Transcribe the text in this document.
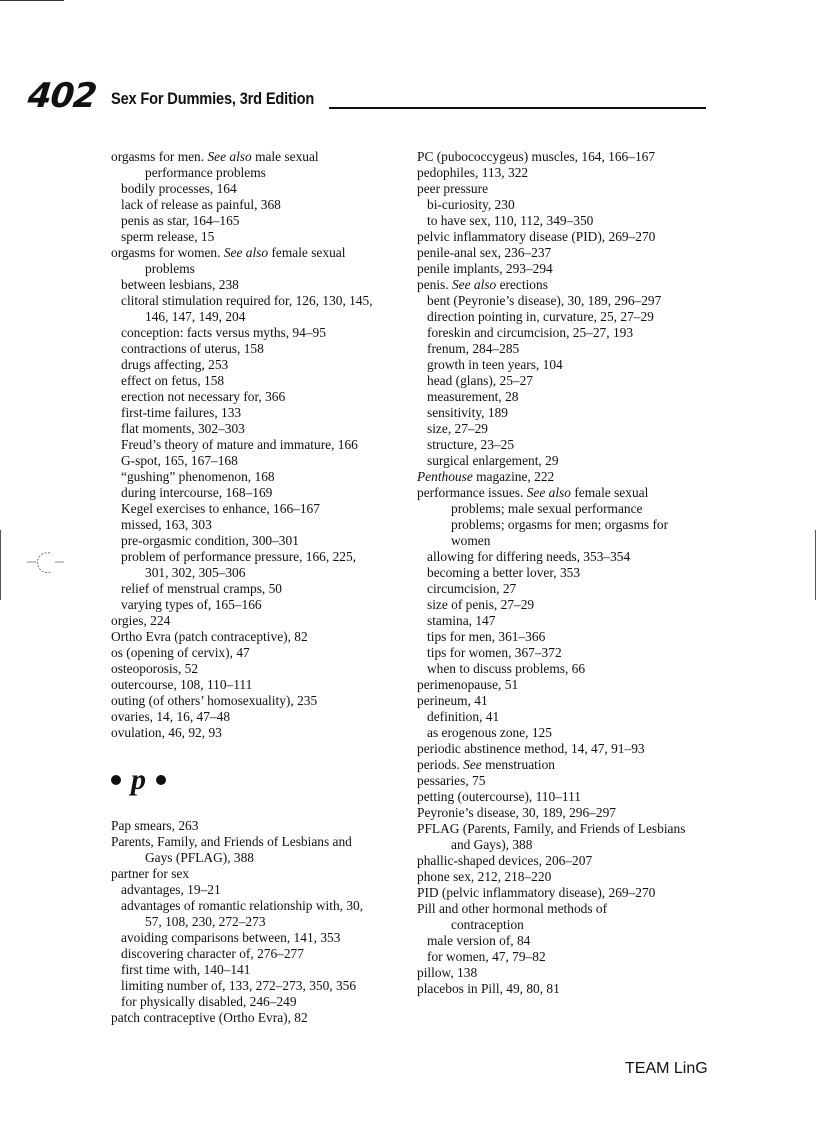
402 Sex For Dummies, 3rd Edition
orgasms for men. See also male sexual
performance problems
bodily processes, 164
lack of release as painful, 368
penis as star, 164–165
sperm release, 15
orgasms for women. See also female sexual
problems
between lesbians, 238
clitoral stimulation required for, 126, 130, 145,
146, 147, 149, 204
conception: facts versus myths, 94–95
contractions of uterus, 158
drugs affecting, 253
effect on fetus, 158
erection not necessary for, 366
first-time failures, 133
flat moments, 302–303
Freud’s theory of mature and immature, 166
G-spot, 165, 167–168
“gushing” phenomenon, 168
during intercourse, 168–169
Kegel exercises to enhance, 166–167
missed, 163, 303
pre-orgasmic condition, 300–301
problem of performance pressure, 166, 225,
301, 302, 305–306
relief of menstrual cramps, 50
varying types of, 165–166
orgies, 224
Ortho Evra (patch contraceptive), 82
os (opening of cervix), 47
osteoporosis, 52
outercourse, 108, 110–111
outing (of others’ homosexuality), 235
ovaries, 14, 16, 47–48
ovulation, 46, 92, 93
p
Pap smears, 263
Parents, Family, and Friends of Lesbians and
Gays (PFLAG), 388
partner for sex
advantages, 19–21
advantages of romantic relationship with, 30,
57, 108, 230, 272–273
avoiding comparisons between, 141, 353
discovering character of, 276–277
first time with, 140–141
limiting number of, 133, 272–273, 350, 356
for physically disabled, 246–249
patch contraceptive (Ortho Evra), 82
PC (pubococcygeus) muscles, 164, 166–167
pedophiles, 113, 322
peer pressure
bi-curiosity, 230
to have sex, 110, 112, 349–350
pelvic inflammatory disease (PID), 269–270
penile-anal sex, 236–237
penile implants, 293–294
penis. See also erections
bent (Peyronie’s disease), 30, 189, 296–297
direction pointing in, curvature, 25, 27–29
foreskin and circumcision, 25–27, 193
frenum, 284–285
growth in teen years, 104
head (glans), 25–27
measurement, 28
sensitivity, 189
size, 27–29
structure, 23–25
surgical enlargement, 29
Penthouse magazine, 222
performance issues. See also female sexual
problems; male sexual performance
problems; orgasms for men; orgasms for
women
allowing for differing needs, 353–354
becoming a better lover, 353
circumcision, 27
size of penis, 27–29
stamina, 147
tips for men, 361–366
tips for women, 367–372
when to discuss problems, 66
perimenopause, 51
perineum, 41
definition, 41
as erogenous zone, 125
periodic abstinence method, 14, 47, 91–93
periods. See menstruation
pessaries, 75
petting (outercourse), 110–111
Peyronie’s disease, 30, 189, 296–297
PFLAG (Parents, Family, and Friends of Lesbians
and Gays), 388
phallic-shaped devices, 206–207
phone sex, 212, 218–220
PID (pelvic inflammatory disease), 269–270
Pill and other hormonal methods of
contraception
male version of, 84
for women, 47, 79–82
pillow, 138
placebos in Pill, 49, 80, 81
TEAM LinG
